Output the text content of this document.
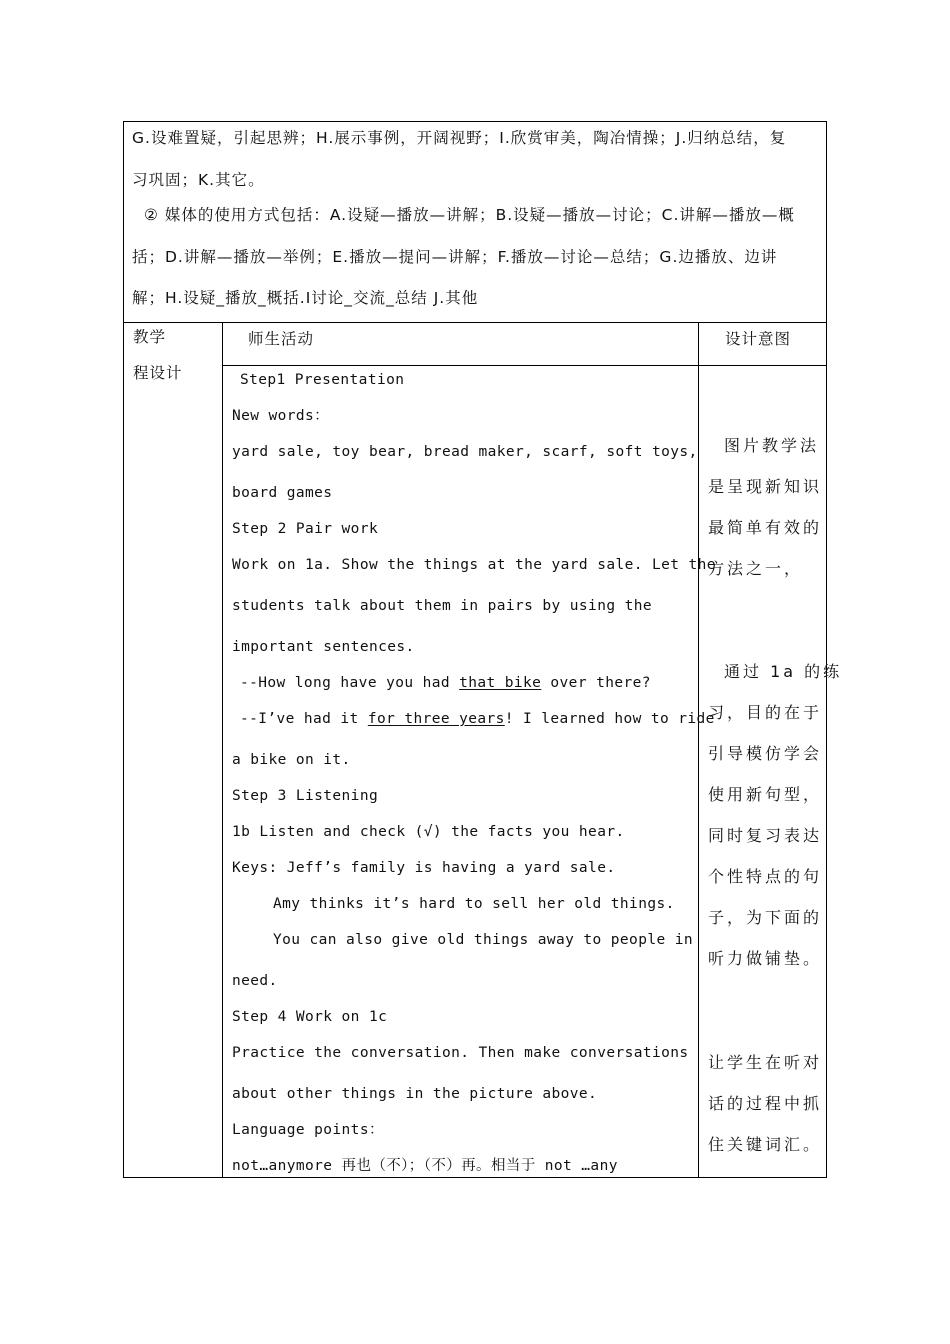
G.设难置疑，引起思辨；H.展示事例，开阔视野；I.欣赏审美，陶冶情操；J.归纳总结，复
习巩固；K.其它。
② 媒体的使用方式包括：A.设疑—播放—讲解；B.设疑—播放—讨论；C.讲解—播放—概
括；D.讲解—播放—举例；E.播放—提问—讲解；F.播放—讨论—总结；G.边播放、边讲
解；H.设疑_播放_概括.I讨论_交流_总结 J.其他
教学
程设计
师生活动	设计意图
Step1 Presentation
New words：
yard sale, toy bear, bread maker, scarf, soft toys,
board games
Step 2 Pair work
Work on 1a. Show the things at the yard sale. Let the
students talk about them in pairs by using the
important sentences.
--How long have you had that bike over there?
--I’ve had it for three years! I learned how to ride
a bike on it.
Step 3 Listening
1b Listen and check (√) the facts you hear.
Keys: Jeff’s family is having a yard sale.
Amy thinks it’s hard to sell her old things.
You can also give old things away to people in
need.
Step 4 Work on 1c
Practice the conversation. Then make conversations
about other things in the picture above.
Language points：
not…anymore 再也（不）；（不）再。相当于 not …any
图片教学法
是呈现新知识
最简单有效的
方法之一，
通过 1a 的练
习，目的在于
引导模仿学会
使用新句型，
同时复习表达
个性特点的句
子，为下面的
听力做铺垫。
让学生在听对
话的过程中抓
住关键词汇。
